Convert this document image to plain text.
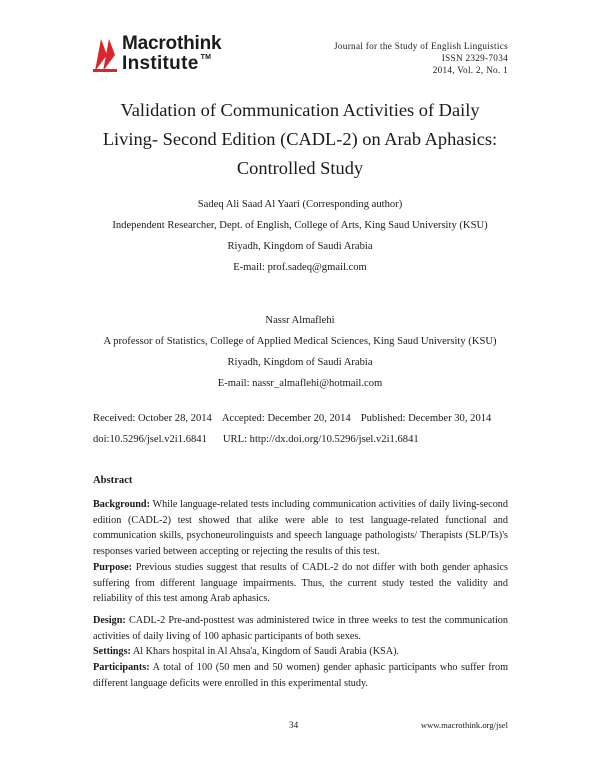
Macrothink
Institute ™
Journal for the Study of English Linguistics
ISSN 2329-7034
2014, Vol. 2, No. 1
Validation of Communication Activities of Daily
Living- Second Edition (CADL-2) on Arab Aphasics:
Controlled Study
Sadeq Ali Saad Al Yaari (Corresponding author)
Independent Researcher, Dept. of English, College of Arts, King Saud University (KSU)
Riyadh, Kingdom of Saudi Arabia
E-mail: prof.sadeq@gmail.com
Nassr Almaflehi
A professor of Statistics, College of Applied Medical Sciences, King Saud University (KSU)
Riyadh, Kingdom of Saudi Arabia
E-mail: nassr_almaflehi@hotmail.com
Received: October 28, 2014 Accepted: December 20, 2014 Published: December 30, 2014
doi:10.5296/jsel.v2i1.6841 URL: http://dx.doi.org/10.5296/jsel.v2i1.6841
Abstract
Background: While language-related tests including communication activities of daily living-second edition (CADL-2) test showed that alike were able to test language-related functional and communication skills, psychoneurolinguists and speech language pathologists/ Therapists (SLP/Ts)'s responses varied between accepting or rejecting the results of this test.
Purpose: Previous studies suggest that results of CADL-2 do not differ with both gender aphasics suffering from different language impairments. Thus, the current study tested the validity and reliability of this test among Arab aphasics.
Design: CADL-2 Pre-and-posttest was administered twice in three weeks to test the communication activities of daily living of 100 aphasic participants of both sexes.
Settings: Al Khars hospital in Al Ahsa'a, Kingdom of Saudi Arabia (KSA).
Participants: A total of 100 (50 men and 50 women) gender aphasic participants who suffer from different language deficits were enrolled in this experimental study.
34	www.macrothink.org/jsel
